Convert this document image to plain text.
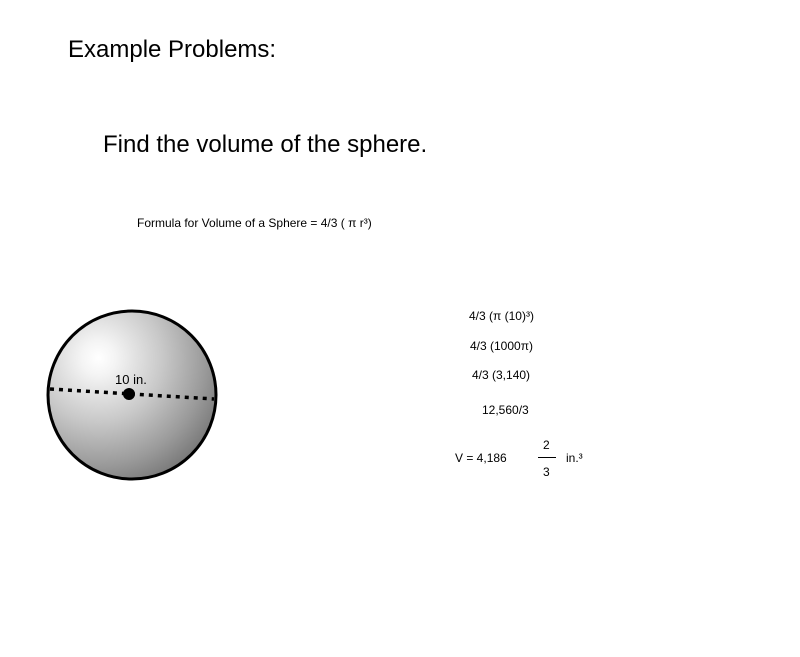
Example Problems:
Find the volume of the sphere.
Formula for Volume of a Sphere = 4/3 ( π r³)
10 in.
4/3 (π (10)³)
4/3 (1000π)
4/3 (3,140)
12,560/3
V = 4,186
2
3
in.³
